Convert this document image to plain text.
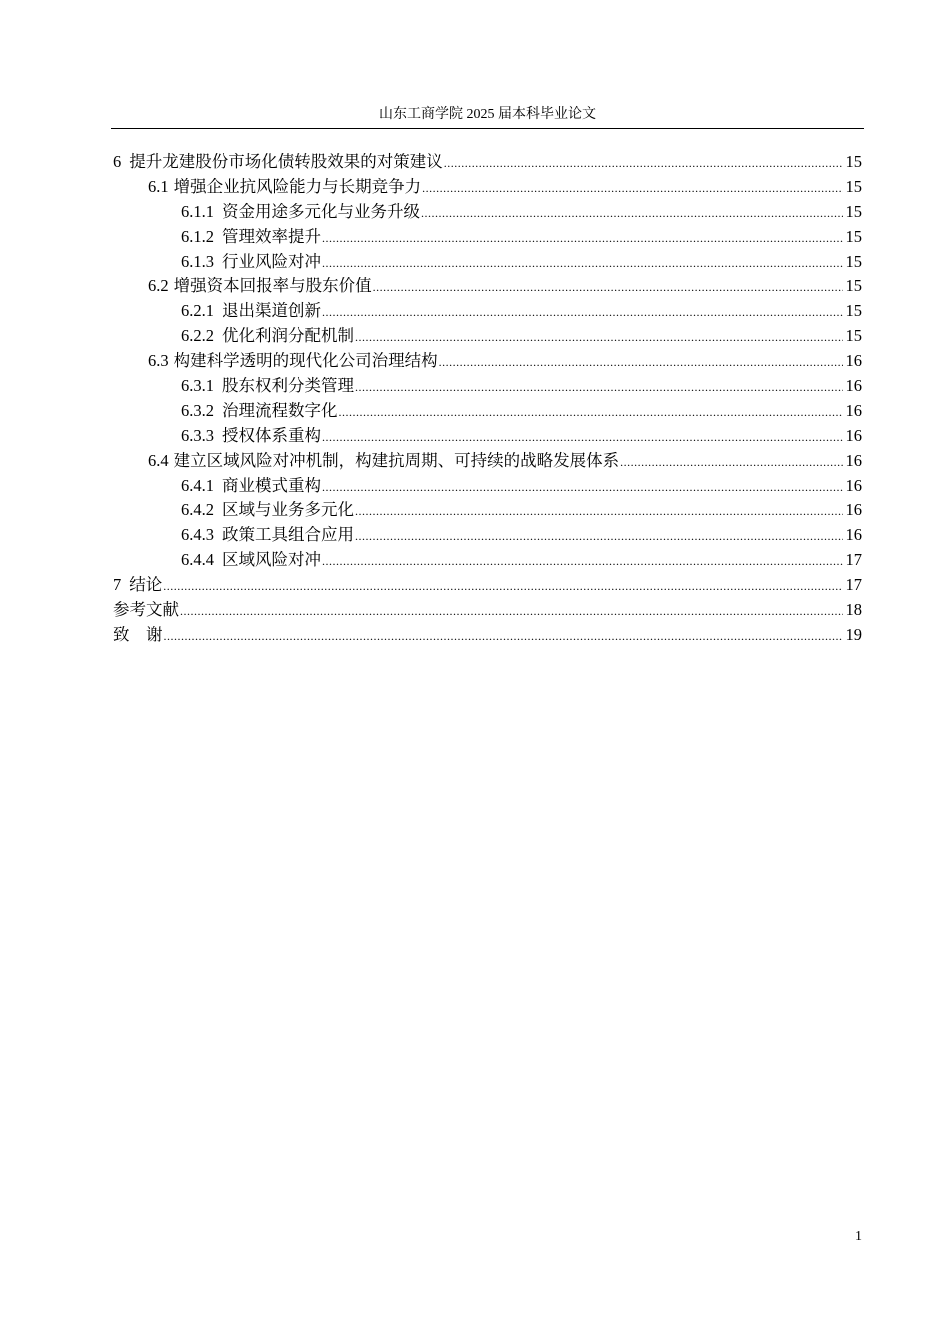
山东工商学院 2025 届本科毕业论文
6 提升龙建股份市场化债转股效果的对策建议 .....	15
6.1 增强企业抗风险能力与长期竞争力 .....	15
6.1.1 资金用途多元化与业务升级 .....	15
6.1.2 管理效率提升 .....	15
6.1.3 行业风险对冲 .....	15
6.2 增强资本回报率与股东价值 .....	15
6.2.1 退出渠道创新 .....	15
6.2.2 优化利润分配机制 .....	15
6.3 构建科学透明的现代化公司治理结构 .....	16
6.3.1 股东权利分类管理 .....	16
6.3.2 治理流程数字化 .....	16
6.3.3 授权体系重构 .....	16
6.4 建立区域风险对冲机制，构建抗周期、可持续的战略发展体系 .....	16
6.4.1 商业模式重构 .....	16
6.4.2 区域与业务多元化 .....	16
6.4.3 政策工具组合应用 .....	16
6.4.4 区域风险对冲 .....	17
7 结论 .....	17
参考文献 .....	18
致　谢 .....	19
1
